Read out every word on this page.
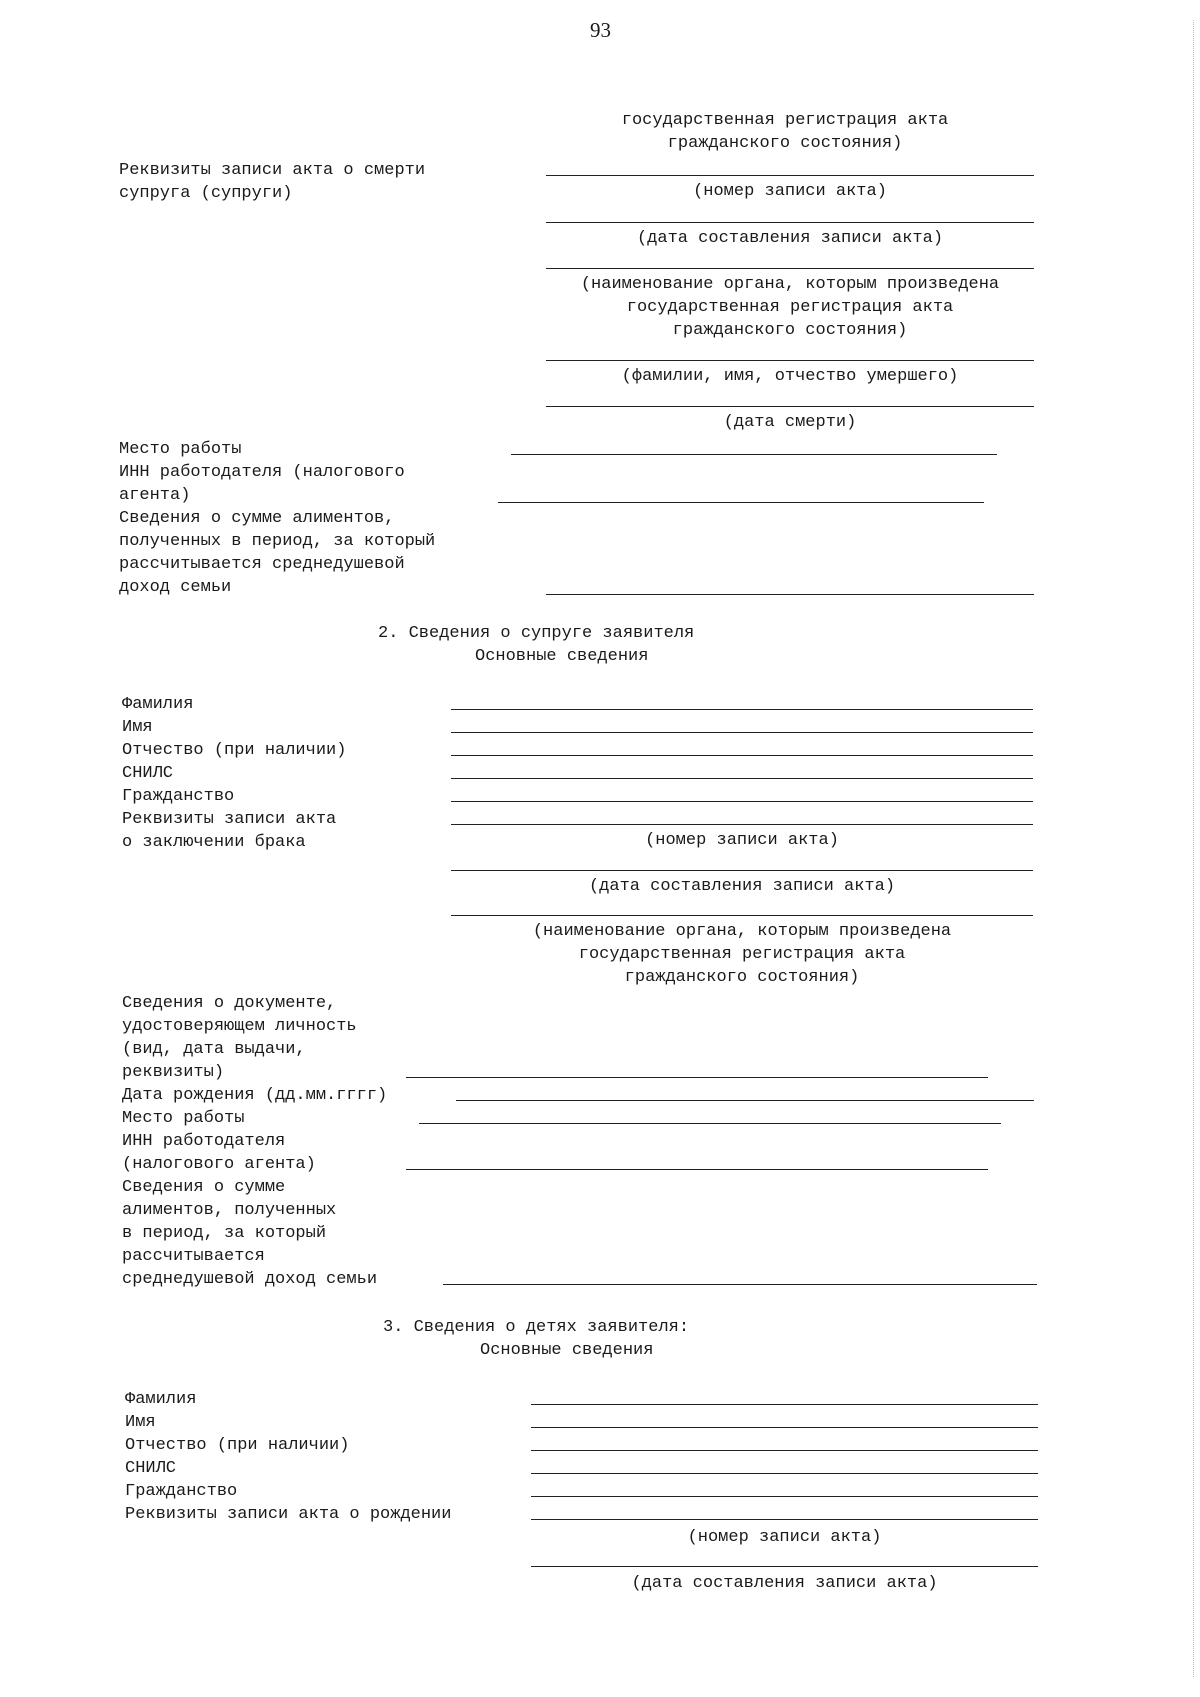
93
государственная регистрация акта
гражданского состояния)
Реквизиты записи акта о смерти
супруга (супруги)	(номер записи акта)
(дата составления записи акта)
(наименование органа, которым произведена
государственная регистрация акта
гражданского состояния)
(фамилии, имя, отчество умершего)
(дата смерти)
Место работы
ИНН работодателя (налогового
агента)
Сведения о сумме алиментов,
полученных в период, за который
рассчитывается среднедушевой
доход семьи
2. Сведения о супруге заявителя
Основные сведения
Фамилия
Имя
Отчество (при наличии)
СНИЛС
Гражданство
Реквизиты записи акта
о заключении брака	(номер записи акта)
(дата составления записи акта)
(наименование органа, которым произведена
государственная регистрация акта
гражданского состояния)
Сведения о документе,
удостоверяющем личность
(вид, дата выдачи,
реквизиты)
Дата рождения (дд.мм.гггг)
Место работы
ИНН работодателя
(налогового агента)
Сведения о сумме
алиментов, полученных
в период, за который
рассчитывается
среднедушевой доход семьи
3. Сведения о детях заявителя:
Основные сведения
Фамилия
Имя
Отчество (при наличии)
СНИЛС
Гражданство
Реквизиты записи акта о рождении
(номер записи акта)
(дата составления записи акта)
